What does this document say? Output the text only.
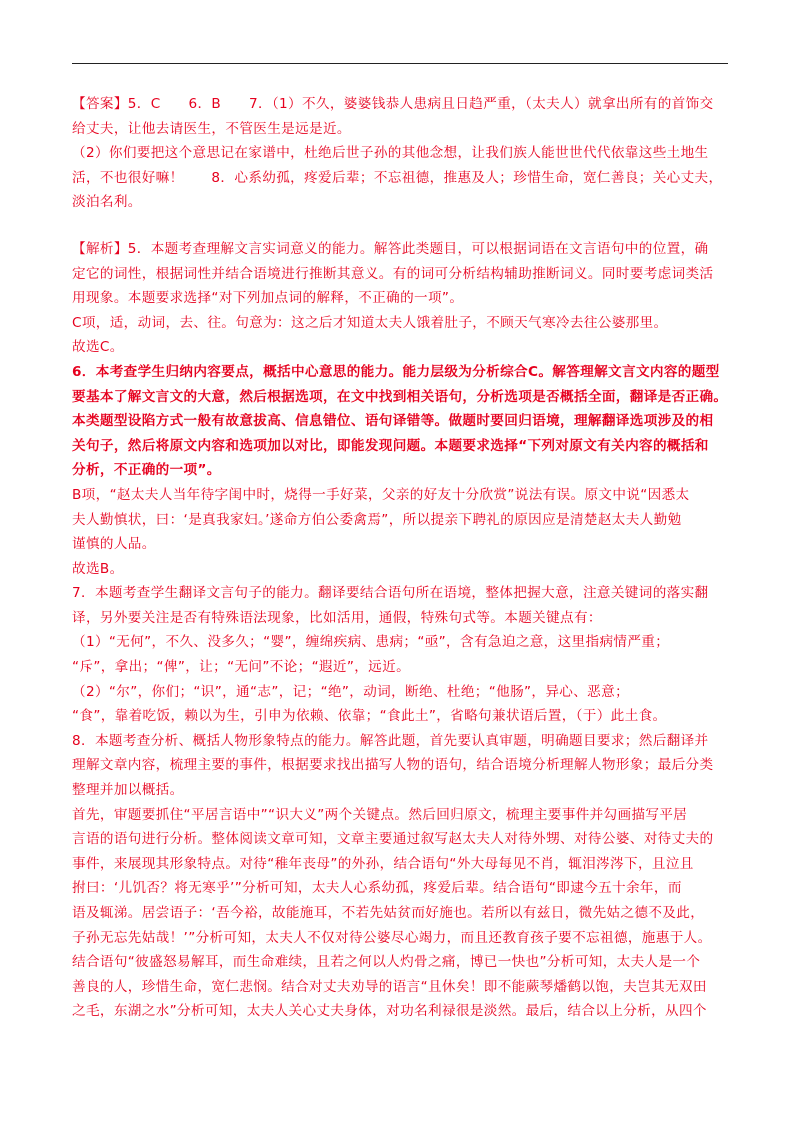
【答案】5．C　　6．B　　7．（1）不久，婆婆钱恭人患病且日趋严重，（太夫人）就拿出所有的首饰交
给丈夫，让他去请医生，不管医生是远是近。
（2）你们要把这个意思记在家谱中，杜绝后世子孙的其他念想，让我们族人能世世代代依靠这些土地生
活，不也很好嘛！　　8．心系幼孤，疼爱后辈；不忘祖德，推惠及人；珍惜生命，宽仁善良；关心丈夫，
淡泊名利。
【解析】5．本题考查理解文言实词意义的能力。解答此类题目，可以根据词语在文言语句中的位置，确
定它的词性，根据词性并结合语境进行推断其意义。有的词可分析结构辅助推断词义。同时要考虑词类活
用现象。本题要求选择“对下列加点词的解释，不正确的一项”。
C项，适，动词，去、往。句意为：这之后才知道太夫人饿着肚子，不顾天气寒冷去往公婆那里。
故选C。
6．本考查学生归纳内容要点，概括中心意思的能力。能力层级为分析综合C。解答理解文言文内容的题型
要基本了解文言文的大意，然后根据选项，在文中找到相关语句，分析选项是否概括全面，翻译是否正确。
本类题型设陷方式一般有故意拔高、信息错位、语句译错等。做题时要回归语境，理解翻译选项涉及的相
关句子，然后将原文内容和选项加以对比，即能发现问题。本题要求选择“下列对原文有关内容的概括和
分析，不正确的一项”。
B项，“赵太夫人当年待字闺中时，烧得一手好菜，父亲的好友十分欣赏”说法有误。原文中说“因悉太
夫人勤慎状，曰：‘是真我家妇。’遂命方伯公委禽焉”，所以提亲下聘礼的原因应是清楚赵太夫人勤勉
谨慎的人品。
故选B。
7．本题考查学生翻译文言句子的能力。翻译要结合语句所在语境，整体把握大意，注意关键词的落实翻
译，另外要关注是否有特殊语法现象，比如活用，通假，特殊句式等。本题关键点有：
（1）“无何”，不久、没多久；“婴”，缠绵疾病、患病；“亟”，含有急迫之意，这里指病情严重；
“斥”，拿出；“俾”，让；“无问”不论；“遐近”，远近。
（2）“尔”，你们；“识”，通“志”，记；“绝”，动词，断绝、杜绝；“他肠”，异心、恶意；
“食”，靠着吃饭，赖以为生，引申为依赖、依靠；“食此土”，省略句兼状语后置，（于）此土食。
8．本题考查分析、概括人物形象特点的能力。解答此题，首先要认真审题，明确题目要求；然后翻译并
理解文章内容，梳理主要的事件，根据要求找出描写人物的语句，结合语境分析理解人物形象；最后分类
整理并加以概括。
首先，审题要抓住“平居言语中”“识大义”两个关键点。然后回归原文，梳理主要事件并勾画描写平居
言语的语句进行分析。整体阅读文章可知，文章主要通过叙写赵太夫人对待外甥、对待公婆、对待丈夫的
事件，来展现其形象特点。对待“稚年丧母”的外孙，结合语句“外大母每见不肖，辄泪涔涔下，且泣且
拊曰：‘儿饥否？将无寒乎’”分析可知，太夫人心系幼孤，疼爱后辈。结合语句“即逮今五十余年，而
语及辄涕。居尝语子：‘吾今裕，故能施耳，不若先姑贫而好施也。若所以有兹日，微先姑之德不及此，
子孙无忘先姑哉！’”分析可知，太夫人不仅对待公婆尽心竭力，而且还教育孩子要不忘祖德，施惠于人。
结合语句“彼盛怒易解耳，而生命难续，且若之何以人灼骨之痛，博已一快也”分析可知，太夫人是一个
善良的人，珍惜生命，宽仁悲悯。结合对丈夫劝导的语言“且休矣！即不能蕨琴燔鹤以饱，夫岂其无双田
之毛，东湖之水”分析可知，太夫人关心丈夫身体，对功名利禄很是淡然。最后，结合以上分析，从四个
